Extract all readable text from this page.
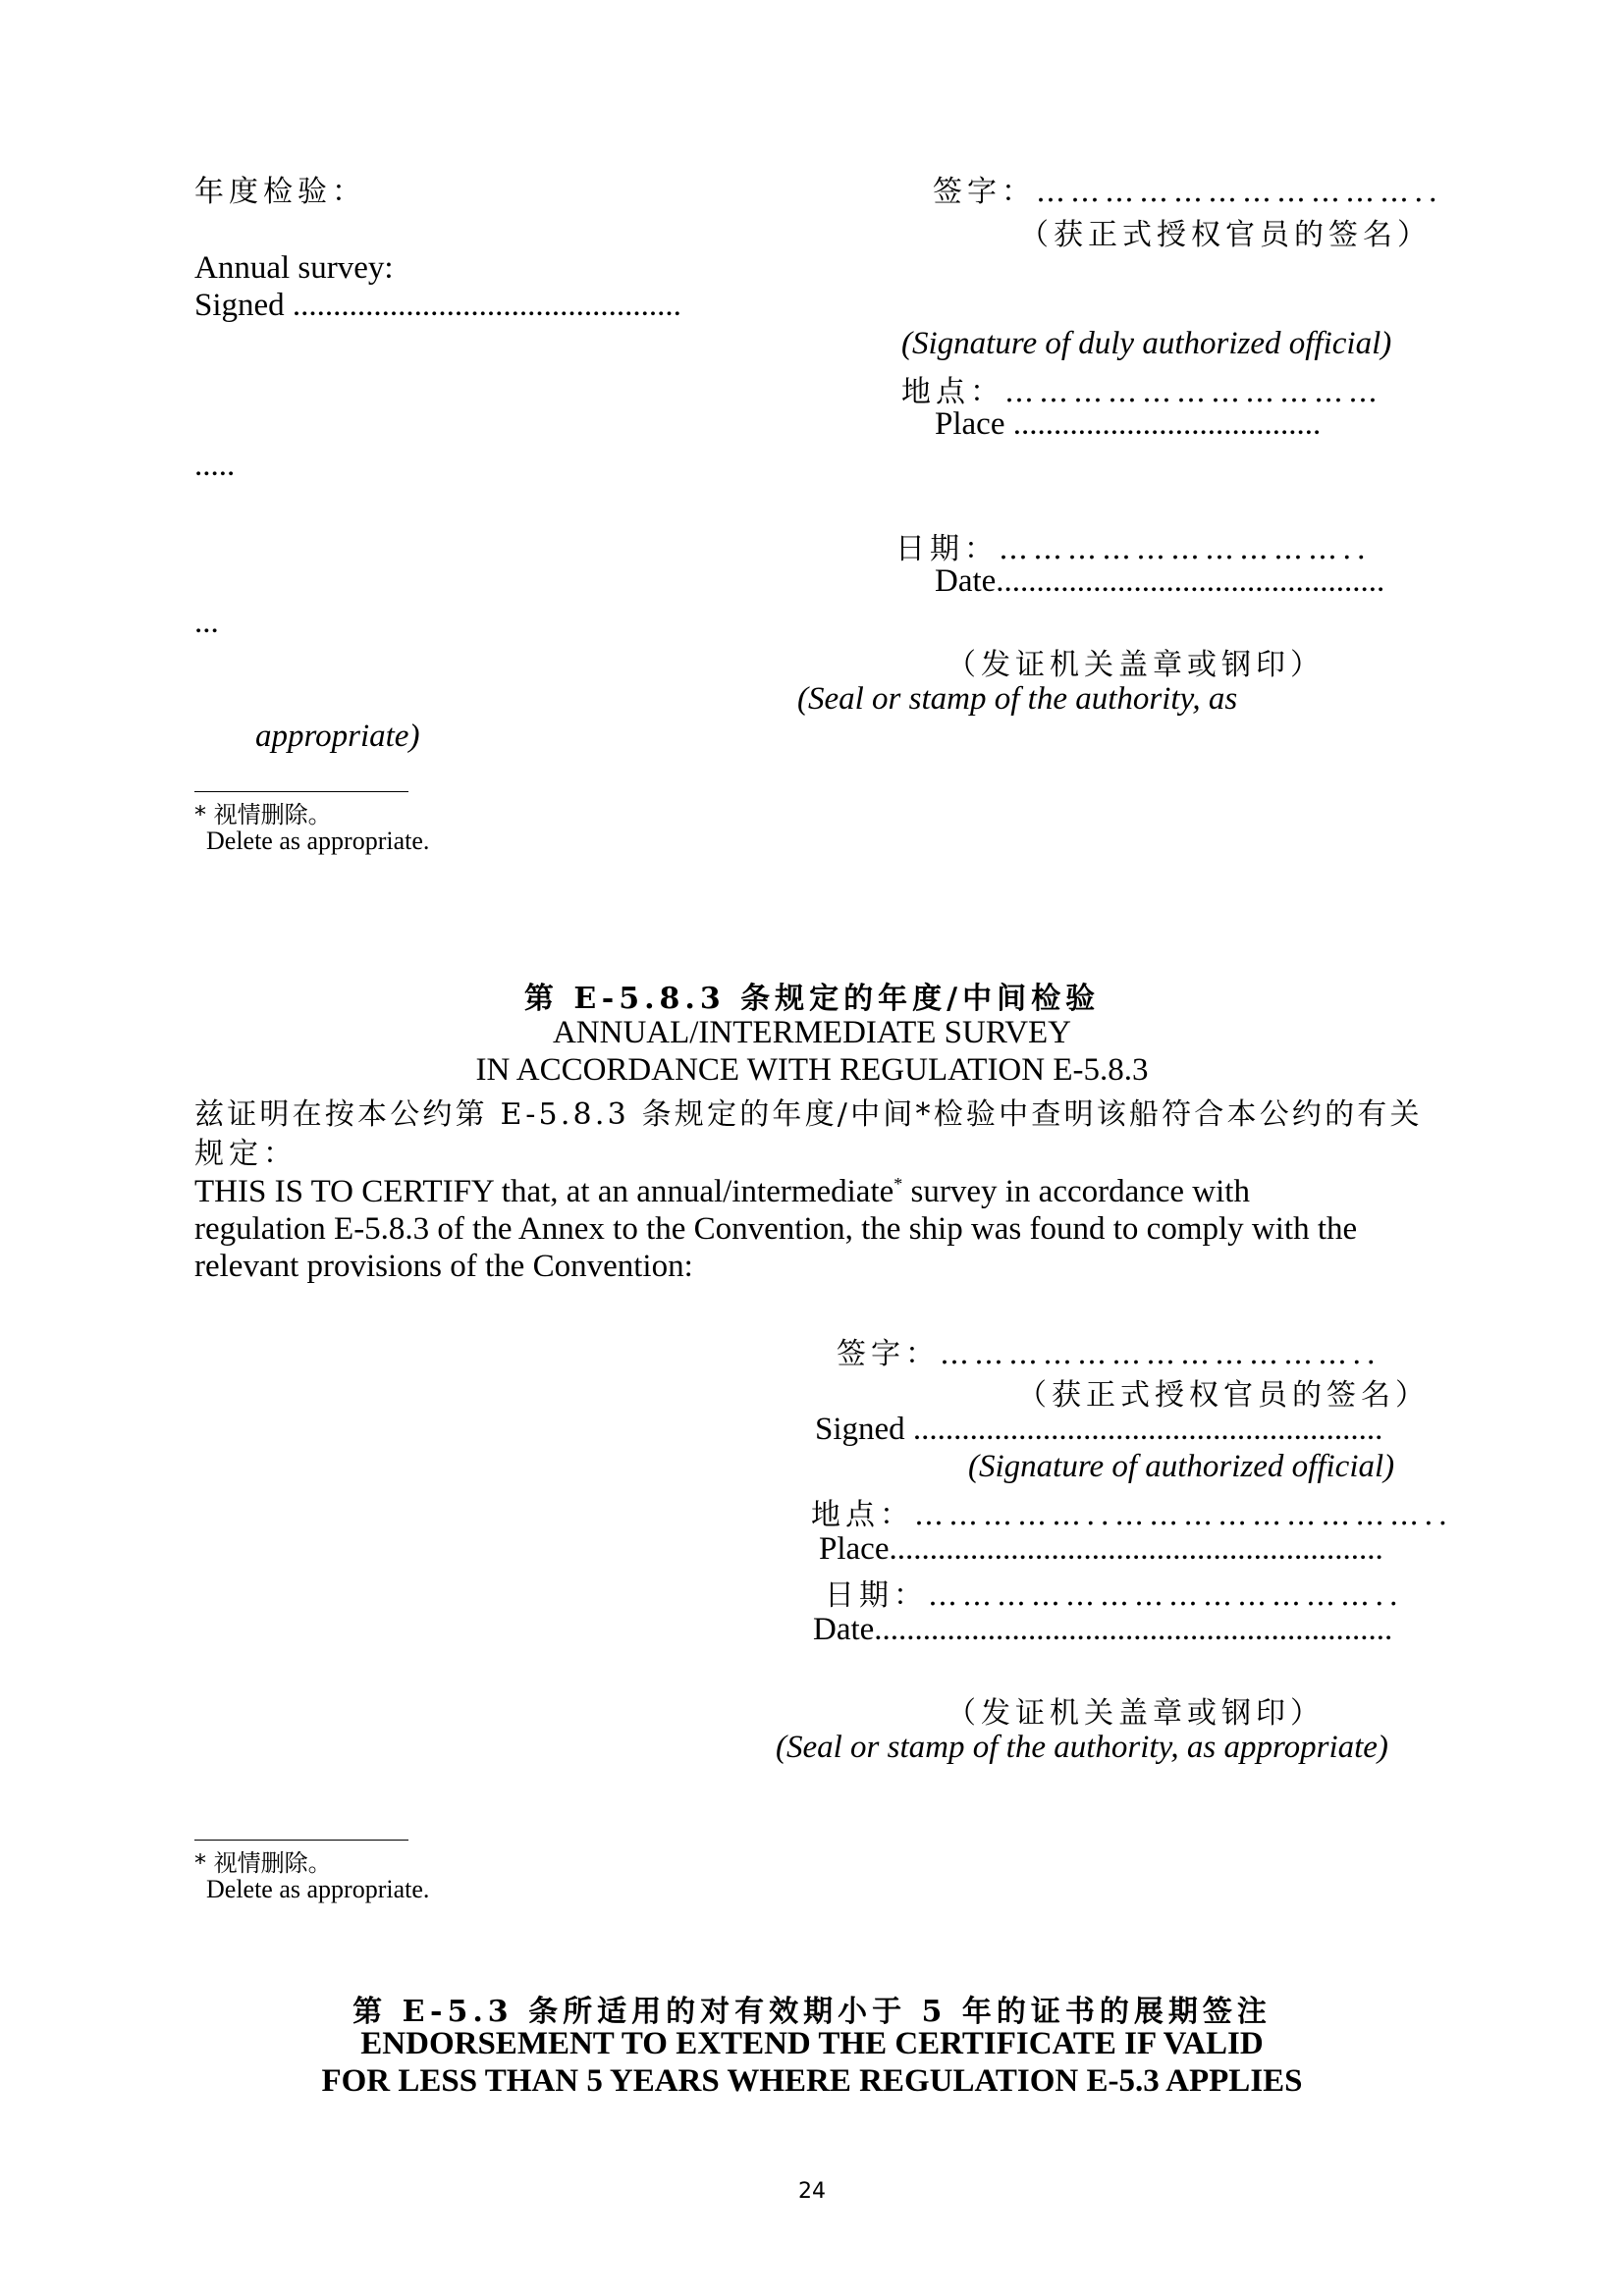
年度检验：	签字：……………………………..

（获正式授权官员的签名）

Annual survey:

Signed ................................................

(Signature of duly authorized official)

地点：……………………………

Place ......................................

.....

日期：…………………………..

Date................................................

...

（发证机关盖章或钢印）

(Seal or stamp of the authority, as

appropriate)

* 视情删除。

Delete as appropriate.

第 E-5.8.3 条规定的年度/中间检验

ANNUAL/INTERMEDIATE SURVEY

IN ACCORDANCE WITH REGULATION E-5.8.3

兹证明在按本公约第 E-5.8.3 条规定的年度/中间*检验中查明该船符合本公约的有关

规定：

THIS IS TO CERTIFY that, at an annual/intermediate* survey in accordance with

regulation E-5.8.3 of the Annex to the Convention, the ship was found to comply with the

relevant provisions of the Convention:

签字：………………………………..

（获正式授权官员的签名）

Signed ..........................................................

(Signature of authorized official)

地点：……………..………………………..

Place.............................................................

日期：…………………………………..

Date................................................................

（发证机关盖章或钢印）

(Seal or stamp of the authority, as appropriate)

* 视情删除。

Delete as appropriate.

第 E-5.3 条所适用的对有效期小于 5 年的证书的展期签注

ENDORSEMENT TO EXTEND THE CERTIFICATE IF VALID

FOR LESS THAN 5 YEARS WHERE REGULATION E-5.3 APPLIES

24
